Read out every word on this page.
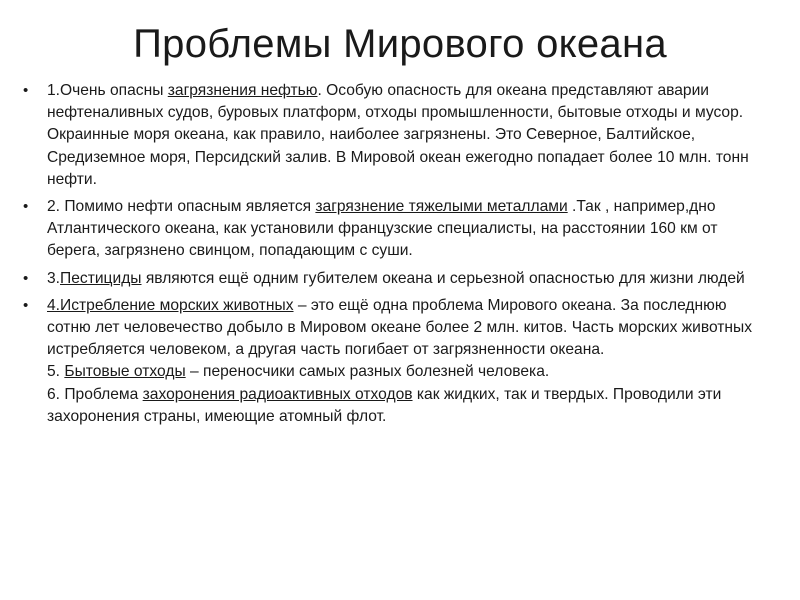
Проблемы Мирового океана
• 1.Очень опасны загрязнения нефтью. Особую опасность для океана представляют аварии нефтеналивных судов, буровых платформ, отходы промышленности, бытовые отходы и мусор. Окраинные моря океана, как правило, наиболее загрязнены. Это Северное, Балтийское, Средиземное моря, Персидский залив. В Мировой океан ежегодно попадает более 10 млн. тонн нефти.
• 2. Помимо нефти опасным является загрязнение тяжелыми металлами .Так , например,дно Атлантического океана, как установили французские специалисты, на расстоянии 160 км от берега, загрязнено свинцом, попадающим с суши.
• 3.Пестициды являются ещё одним губителем океана и серьезной опасностью для жизни людей
• 4.Истребление морских животных – это ещё одна проблема Мирового океана. За последнюю сотню лет человечество добыло в Мировом океане более 2 млн. китов. Часть морских животных истребляется человеком, а другая часть погибает от загрязненности океана.
5. Бытовые отходы – переносчики самых разных болезней человека.
6. Проблема захоронения радиоактивных отходов как жидких, так и твердых. Проводили эти захоронения страны, имеющие атомный флот.
